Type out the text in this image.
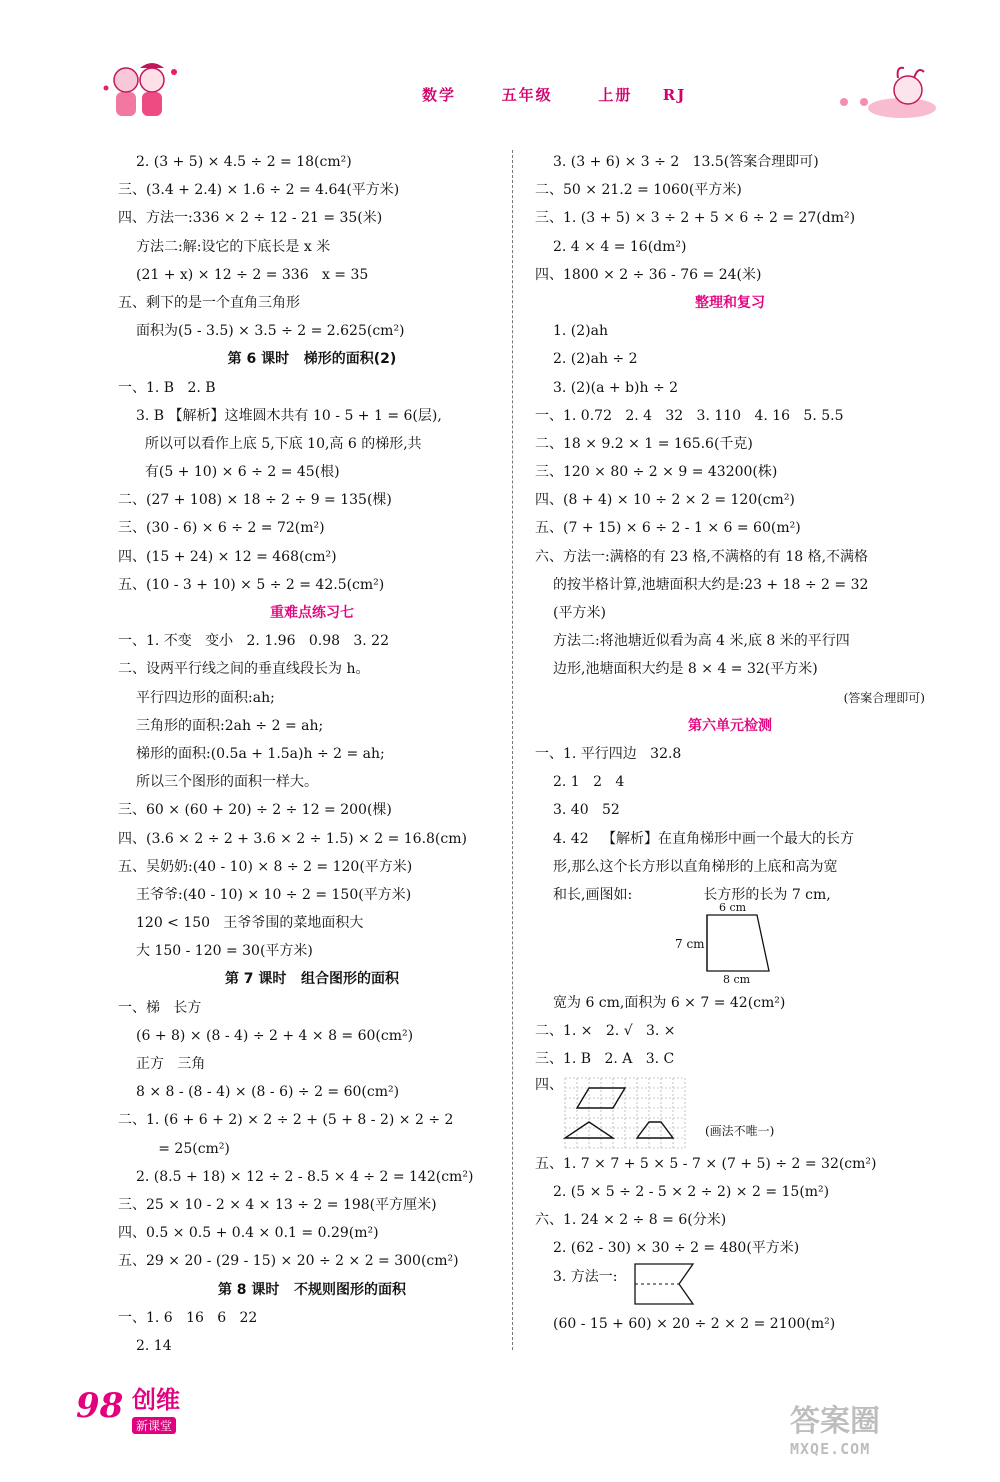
数学   五年级   上册  RJ
2. (3 + 5) × 4.5 ÷ 2 = 18(cm²)
三、(3.4 + 2.4) × 1.6 ÷ 2 = 4.64(平方米)
四、方法一:336 × 2 ÷ 12 - 21 = 35(米)
方法二:解:设它的下底长是 x 米
(21 + x) × 12 ÷ 2 = 336   x = 35
五、剩下的是一个直角三角形
面积为(5 - 3.5) × 3.5 ÷ 2 = 2.625(cm²)
第 6 课时   梯形的面积(2)
一、1. B   2. B
3. B 【解析】这堆圆木共有 10 - 5 + 1 = 6(层),
所以可以看作上底 5,下底 10,高 6 的梯形,共
有(5 + 10) × 6 ÷ 2 = 45(根)
二、(27 + 108) × 18 ÷ 2 ÷ 9 = 135(棵)
三、(30 - 6) × 6 ÷ 2 = 72(m²)
四、(15 + 24) × 12 = 468(cm²)
五、(10 - 3 + 10) × 5 ÷ 2 = 42.5(cm²)
重难点练习七
一、1. 不变   变小   2. 1.96   0.98   3. 22
二、设两平行线之间的垂直线段长为 h。
平行四边形的面积:ah;
三角形的面积:2ah ÷ 2 = ah;
梯形的面积:(0.5a + 1.5a)h ÷ 2 = ah;
所以三个图形的面积一样大。
三、60 × (60 + 20) ÷ 2 ÷ 12 = 200(棵)
四、(3.6 × 2 ÷ 2 + 3.6 × 2 ÷ 1.5) × 2 = 16.8(cm)
五、吴奶奶:(40 - 10) × 8 ÷ 2 = 120(平方米)
王爷爷:(40 - 10) × 10 ÷ 2 = 150(平方米)
120 < 150   王爷爷围的菜地面积大
大 150 - 120 = 30(平方米)
第 7 课时   组合图形的面积
一、梯   长方
(6 + 8) × (8 - 4) ÷ 2 + 4 × 8 = 60(cm²)
正方   三角
8 × 8 - (8 - 4) × (8 - 6) ÷ 2 = 60(cm²)
二、1. (6 + 6 + 2) × 2 ÷ 2 + (5 + 8 - 2) × 2 ÷ 2
= 25(cm²)
2. (8.5 + 18) × 12 ÷ 2 - 8.5 × 4 ÷ 2 = 142(cm²)
三、25 × 10 - 2 × 4 × 13 ÷ 2 = 198(平方厘米)
四、0.5 × 0.5 + 0.4 × 0.1 = 0.29(m²)
五、29 × 20 - (29 - 15) × 20 ÷ 2 × 2 = 300(cm²)
第 8 课时   不规则图形的面积
一、1. 6   16   6   22
2. 14
3. (3 + 6) × 3 ÷ 2   13.5(答案合理即可)
二、50 × 21.2 = 1060(平方米)
三、1. (3 + 5) × 3 ÷ 2 + 5 × 6 ÷ 2 = 27(dm²)
2. 4 × 4 = 16(dm²)
四、1800 × 2 ÷ 36 - 76 = 24(米)
整理和复习
1. (2)ah
2. (2)ah ÷ 2
3. (2)(a + b)h ÷ 2
一、1. 0.72   2. 4   32   3. 110   4. 16   5. 5.5
二、18 × 9.2 × 1 = 165.6(千克)
三、120 × 80 ÷ 2 × 9 = 43200(株)
四、(8 + 4) × 10 ÷ 2 × 2 = 120(cm²)
五、(7 + 15) × 6 ÷ 2 - 1 × 6 = 60(m²)
六、方法一:满格的有 23 格,不满格的有 18 格,不满格
的按半格计算,池塘面积大约是:23 + 18 ÷ 2 = 32
(平方米)
方法二:将池塘近似看为高 4 米,底 8 米的平行四
边形,池塘面积大约是 8 × 4 = 32(平方米)
(答案合理即可)
第六单元检测
一、1. 平行四边   32.8
2. 1   2   4
3. 40   52
4. 42   【解析】在直角梯形中画一个最大的长方
形,那么这个长方形以直角梯形的上底和高为宽
和长,画图如:                长方形的长为 7 cm,
6 cm
7 cm
8 cm
宽为 6 cm,面积为 6 × 7 = 42(cm²)
二、1. ×   2. √   3. ×
三、1. B   2. A   3. C
四、
(画法不唯一)
五、1. 7 × 7 + 5 × 5 - 7 × (7 + 5) ÷ 2 = 32(cm²)
2. (5 × 5 ÷ 2 - 5 × 2 ÷ 2) × 2 = 15(m²)
六、1. 24 × 2 ÷ 8 = 6(分米)
2. (62 - 30) × 30 ÷ 2 = 480(平方米)
3. 方法一:
(60 - 15 + 60) × 20 ÷ 2 × 2 = 2100(m²)
98 创维
新课堂	答案圈
MXQE.COM
